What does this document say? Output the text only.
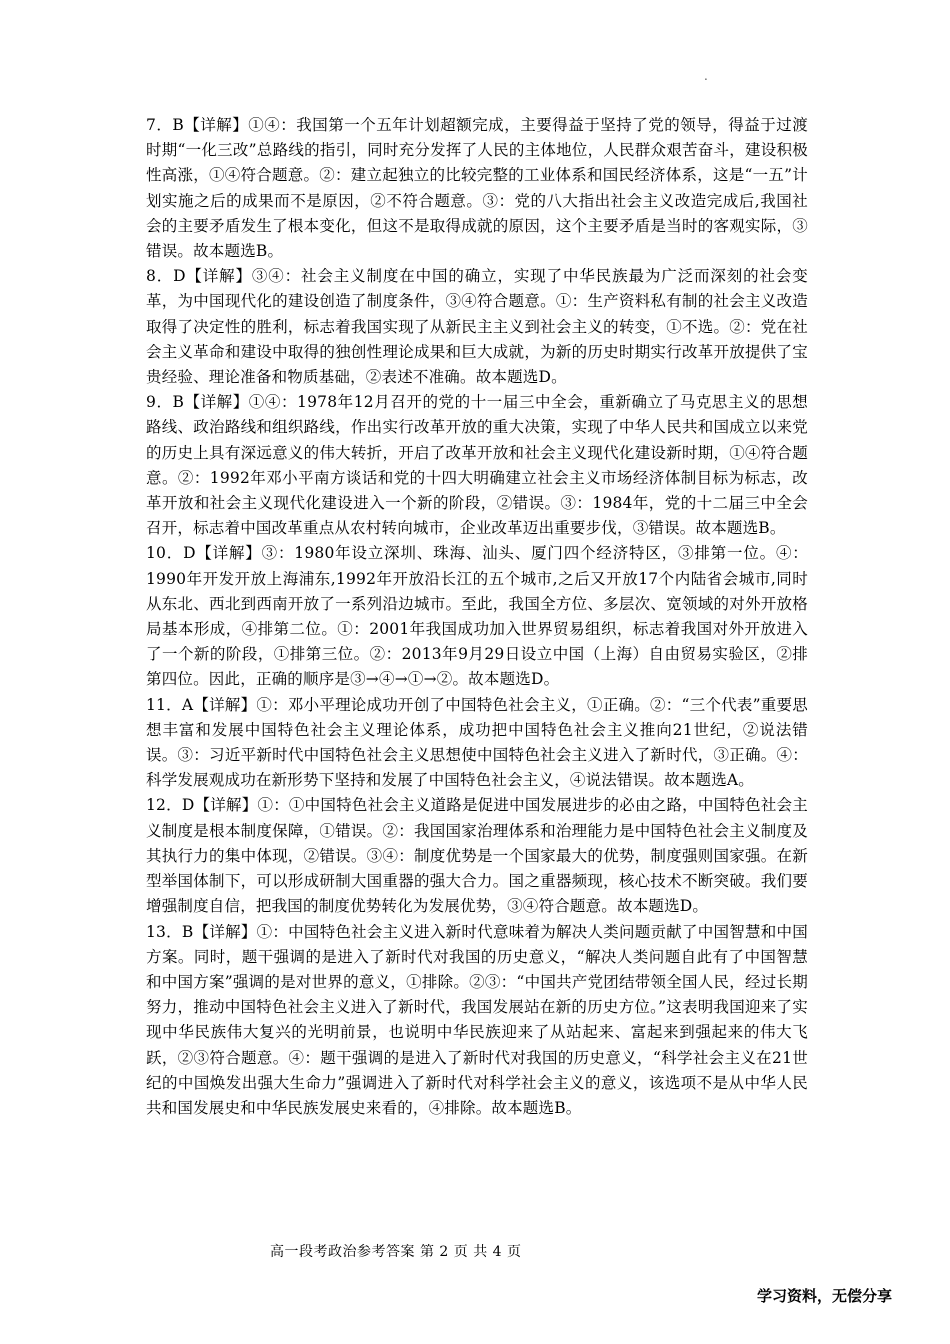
.

7．B【详解】①④：我国第一个五年计划超额完成，主要得益于坚持了党的领导，得益于过渡时期“一化三改”总路线的指引，同时充分发挥了人民的主体地位，人民群众艰苦奋斗，建设积极性高涨，①④符合题意。②：建立起独立的比较完整的工业体系和国民经济体系，这是“一五”计划实施之后的成果而不是原因，②不符合题意。③：党的八大指出社会主义改造完成后,我国社会的主要矛盾发生了根本变化，但这不是取得成就的原因，这个主要矛盾是当时的客观实际，③错误。故本题选B。

8．D【详解】③④：社会主义制度在中国的确立，实现了中华民族最为广泛而深刻的社会变革，为中国现代化的建设创造了制度条件，③④符合题意。①：生产资料私有制的社会主义改造取得了决定性的胜利，标志着我国实现了从新民主主义到社会主义的转变，①不选。②：党在社会主义革命和建设中取得的独创性理论成果和巨大成就，为新的历史时期实行改革开放提供了宝贵经验、理论准备和物质基础，②表述不准确。故本题选D。

9．B【详解】①④：1978年12月召开的党的十一届三中全会，重新确立了马克思主义的思想路线、政治路线和组织路线，作出实行改革开放的重大决策，实现了中华人民共和国成立以来党的历史上具有深远意义的伟大转折，开启了改革开放和社会主义现代化建设新时期，①④符合题意。②：1992年邓小平南方谈话和党的十四大明确建立社会主义市场经济体制目标为标志，改革开放和社会主义现代化建设进入一个新的阶段，②错误。③：1984年，党的十二届三中全会召开，标志着中国改革重点从农村转向城市，企业改革迈出重要步伐，③错误。故本题选B。

10．D【详解】③：1980年设立深圳、珠海、汕头、厦门四个经济特区，③排第一位。④：1990年开发开放上海浦东,1992年开放沿长江的五个城市,之后又开放17个内陆省会城市,同时从东北、西北到西南开放了一系列沿边城市。至此，我国全方位、多层次、宽领域的对外开放格局基本形成，④排第二位。①：2001年我国成功加入世界贸易组织，标志着我国对外开放进入了一个新的阶段，①排第三位。②：2013年9月29日设立中国（上海）自由贸易实验区，②排第四位。因此，正确的顺序是③→④→①→②。故本题选D。

11．A【详解】①：邓小平理论成功开创了中国特色社会主义，①正确。②：“三个代表”重要思想丰富和发展中国特色社会主义理论体系，成功把中国特色社会主义推向21世纪，②说法错误。③：习近平新时代中国特色社会主义思想使中国特色社会主义进入了新时代，③正确。④：科学发展观成功在新形势下坚持和发展了中国特色社会主义，④说法错误。故本题选A。

12．D【详解】①：①中国特色社会主义道路是促进中国发展进步的必由之路，中国特色社会主义制度是根本制度保障，①错误。②：我国国家治理体系和治理能力是中国特色社会主义制度及其执行力的集中体现，②错误。③④：制度优势是一个国家最大的优势，制度强则国家强。在新型举国体制下，可以形成研制大国重器的强大合力。国之重器频现，核心技术不断突破。我们要增强制度自信，把我国的制度优势转化为发展优势，③④符合题意。故本题选D。

13．B【详解】①：中国特色社会主义进入新时代意味着为解决人类问题贡献了中国智慧和中国方案。同时，题干强调的是进入了新时代对我国的历史意义，“解决人类问题自此有了中国智慧和中国方案”强调的是对世界的意义，①排除。②③：“中国共产党团结带领全国人民，经过长期努力，推动中国特色社会主义进入了新时代，我国发展站在新的历史方位。”这表明我国迎来了实现中华民族伟大复兴的光明前景，也说明中华民族迎来了从站起来、富起来到强起来的伟大飞跃，②③符合题意。④：题干强调的是进入了新时代对我国的历史意义，“科学社会主义在21世纪的中国焕发出强大生命力”强调进入了新时代对科学社会主义的意义，该选项不是从中华人民共和国发展史和中华民族发展史来看的，④排除。故本题选B。

高一段考政治参考答案 第 2 页 共 4 页
学习资料，无偿分享
